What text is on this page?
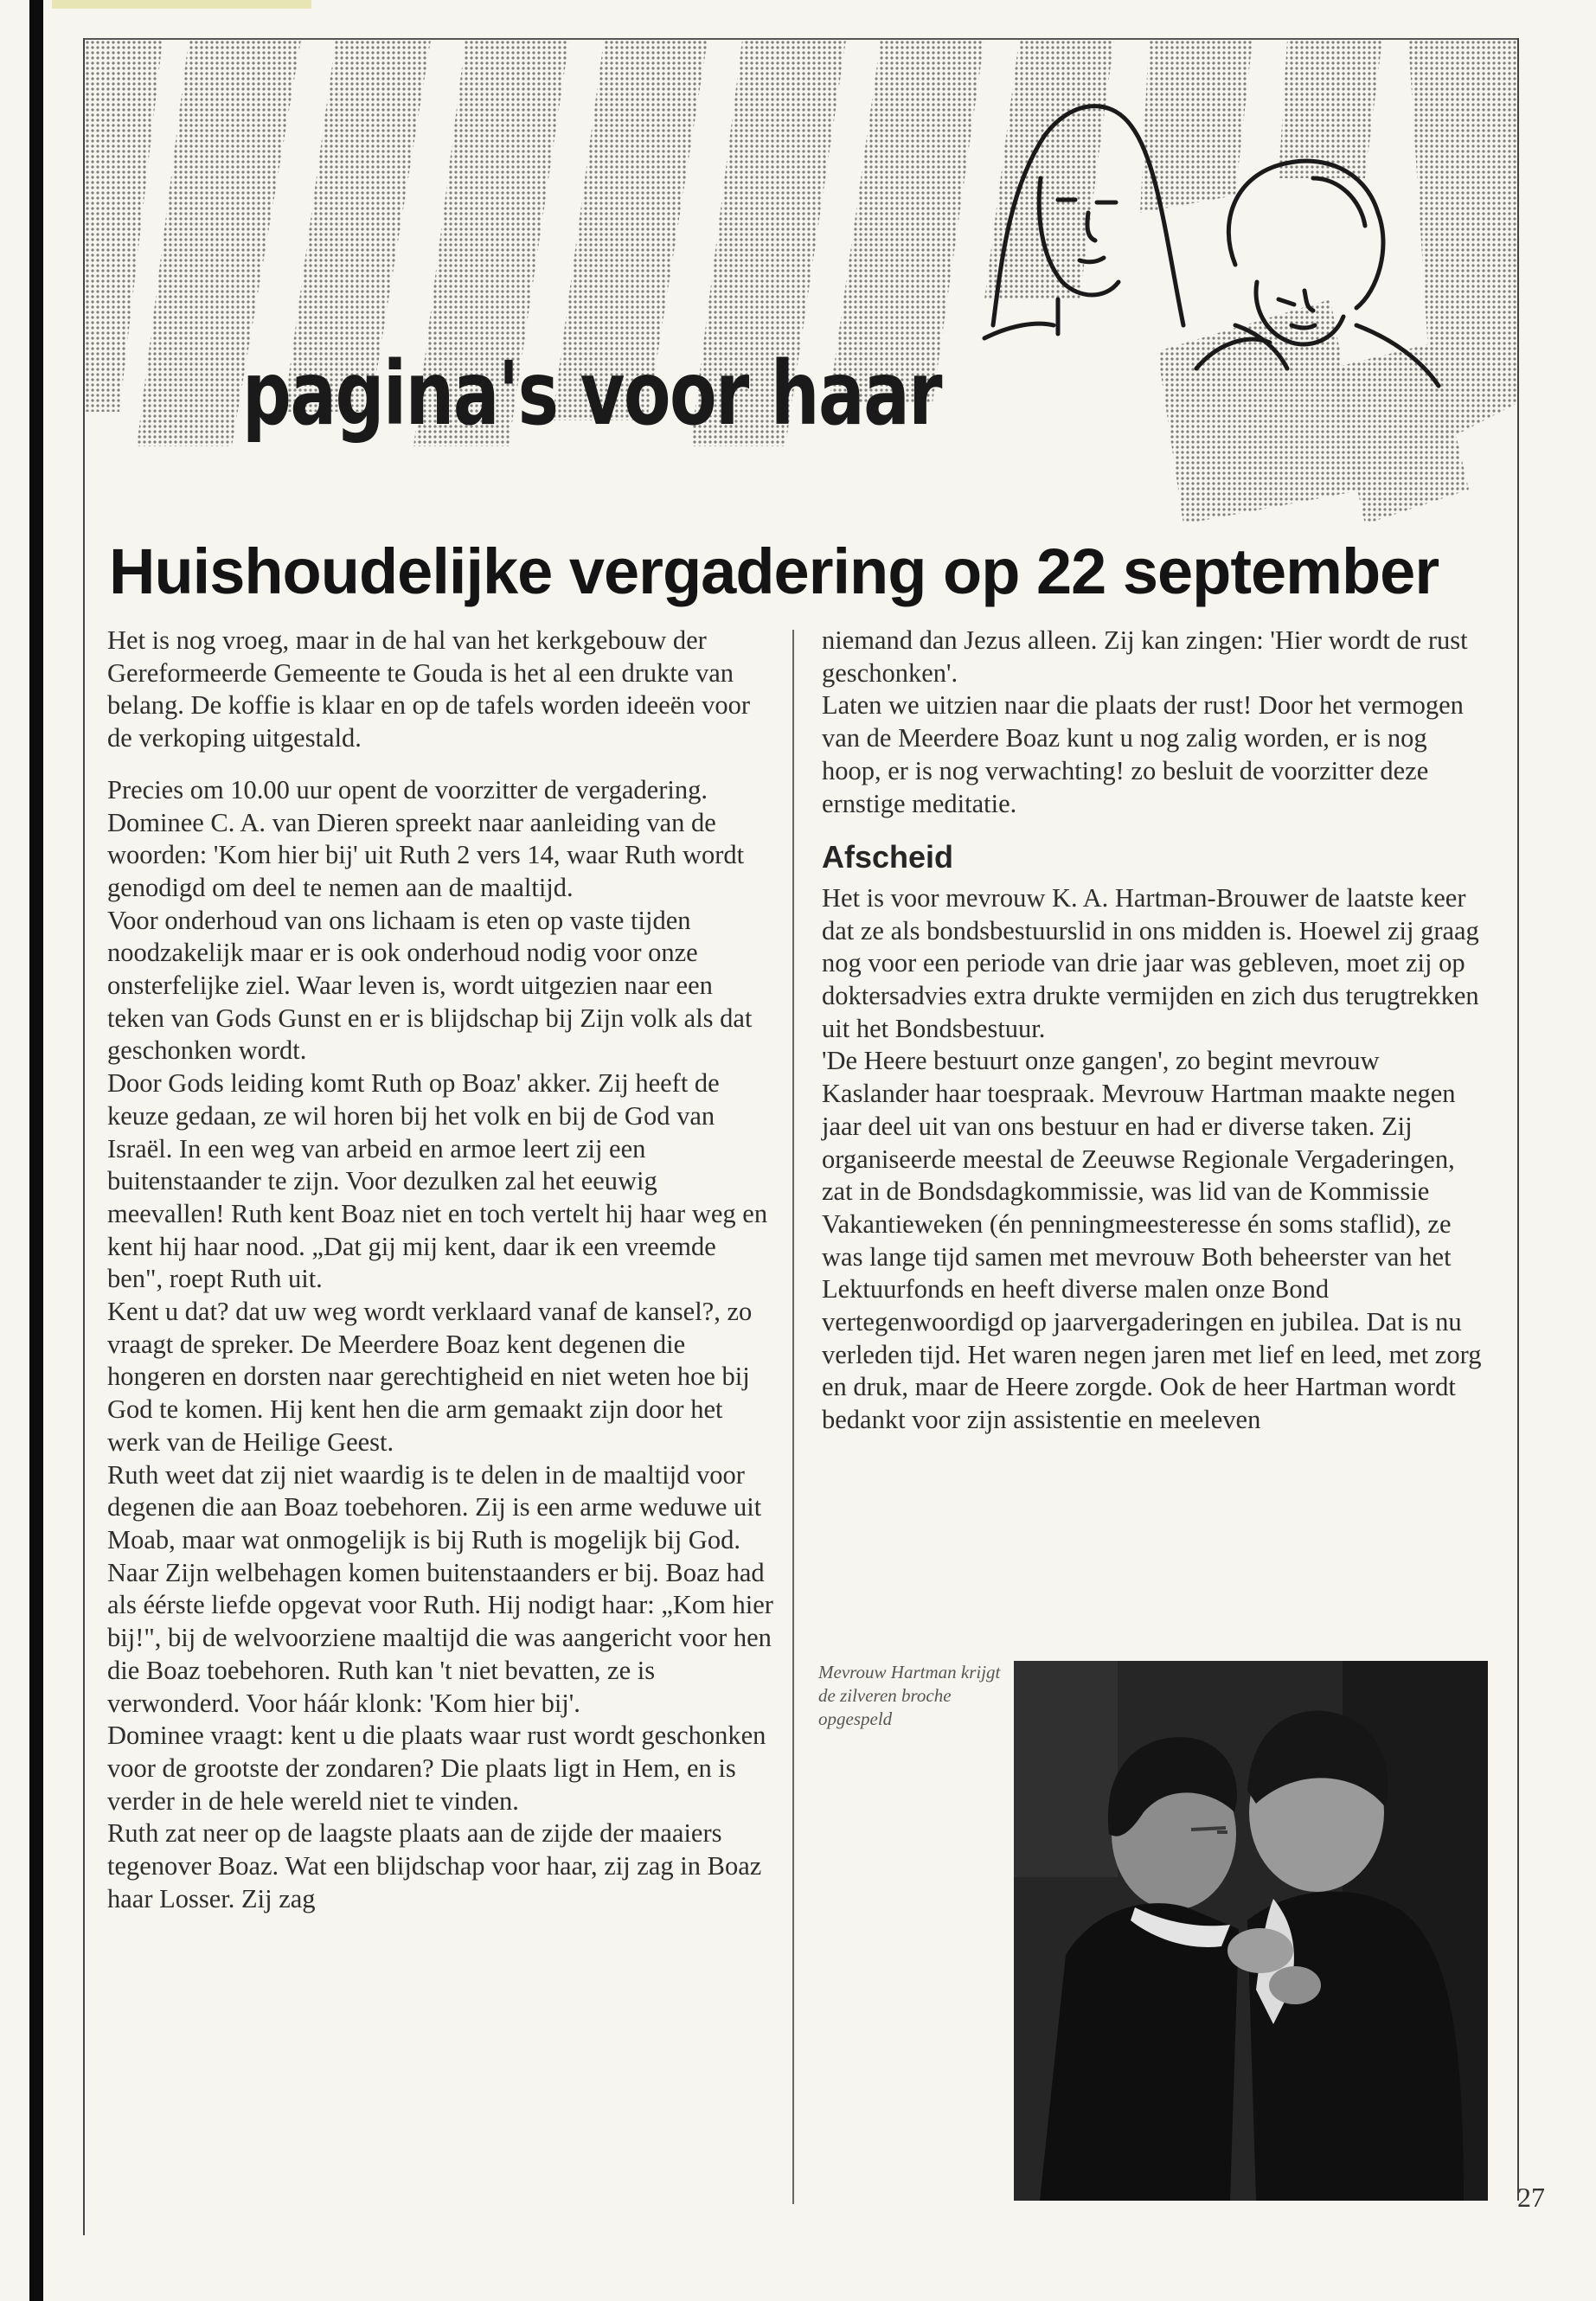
pagina's voor haar
Huishoudelijke vergadering op 22 september

Het is nog vroeg, maar in de hal van het kerkgebouw der Gereformeerde Gemeente te Gouda is het al een drukte van belang. De koffie is klaar en op de tafels worden ideeën voor de verkoping uitgestald.

Precies om 10.00 uur opent de voorzitter de vergadering. Dominee C. A. van Dieren spreekt naar aanleiding van de woorden: 'Kom hier bij' uit Ruth 2 vers 14, waar Ruth wordt genodigd om deel te nemen aan de maaltijd.

Voor onderhoud van ons lichaam is eten op vaste tijden noodzakelijk maar er is ook onderhoud nodig voor onze onsterfelijke ziel. Waar leven is, wordt uitgezien naar een teken van Gods Gunst en er is blijdschap bij Zijn volk als dat geschonken wordt.

Door Gods leiding komt Ruth op Boaz' akker. Zij heeft de keuze gedaan, ze wil horen bij het volk en bij de God van Israël. In een weg van arbeid en armoe leert zij een buitenstaander te zijn. Voor dezulken zal het eeuwig meevallen! Ruth kent Boaz niet en toch vertelt hij haar weg en kent hij haar nood. „Dat gij mij kent, daar ik een vreemde ben", roept Ruth uit.

Kent u dat? dat uw weg wordt verklaard vanaf de kansel?, zo vraagt de spreker. De Meerdere Boaz kent degenen die hongeren en dorsten naar gerechtigheid en niet weten hoe bij God te komen. Hij kent hen die arm gemaakt zijn door het werk van de Heilige Geest.

Ruth weet dat zij niet waardig is te delen in de maaltijd voor degenen die aan Boaz toebehoren. Zij is een arme weduwe uit Moab, maar wat onmogelijk is bij Ruth is mogelijk bij God. Naar Zijn welbehagen komen buitenstaanders er bij. Boaz had als éérste liefde opgevat voor Ruth. Hij nodigt haar: „Kom hier bij!", bij de welvoorziene maaltijd die was aangericht voor hen die Boaz toebehoren. Ruth kan 't niet bevatten, ze is verwonderd. Voor háár klonk: 'Kom hier bij'.

Dominee vraagt: kent u die plaats waar rust wordt geschonken voor de grootste der zondaren? Die plaats ligt in Hem, en is verder in de hele wereld niet te vinden.

Ruth zat neer op de laagste plaats aan de zijde der maaiers tegenover Boaz. Wat een blijdschap voor haar, zij zag in Boaz haar Losser. Zij zag

niemand dan Jezus alleen. Zij kan zingen: 'Hier wordt de rust geschonken'.

Laten we uitzien naar die plaats der rust! Door het vermogen van de Meerdere Boaz kunt u nog zalig worden, er is nog hoop, er is nog verwachting! zo besluit de voorzitter deze ernstige meditatie.

Afscheid

Het is voor mevrouw K. A. Hartman-Brouwer de laatste keer dat ze als bondsbestuurslid in ons midden is. Hoewel zij graag nog voor een periode van drie jaar was gebleven, moet zij op doktersadvies extra drukte vermijden en zich dus terugtrekken uit het Bondsbestuur.

'De Heere bestuurt onze gangen', zo begint mevrouw Kaslander haar toespraak. Mevrouw Hartman maakte negen jaar deel uit van ons bestuur en had er diverse taken. Zij organiseerde meestal de Zeeuwse Regionale Vergaderingen, zat in de Bondsdagkommissie, was lid van de Kommissie Vakantieweken (én penningmeesteresse én soms staflid), ze was lange tijd samen met mevrouw Both beheerster van het Lektuurfonds en heeft diverse malen onze Bond vertegenwoordigd op jaarvergaderingen en jubilea. Dat is nu verleden tijd. Het waren negen jaren met lief en leed, met zorg en druk, maar de Heere zorgde. Ook de heer Hartman wordt bedankt voor zijn assistentie en meeleven

Mevrouw Hartman krijgt de zilveren broche opgespeld
27
